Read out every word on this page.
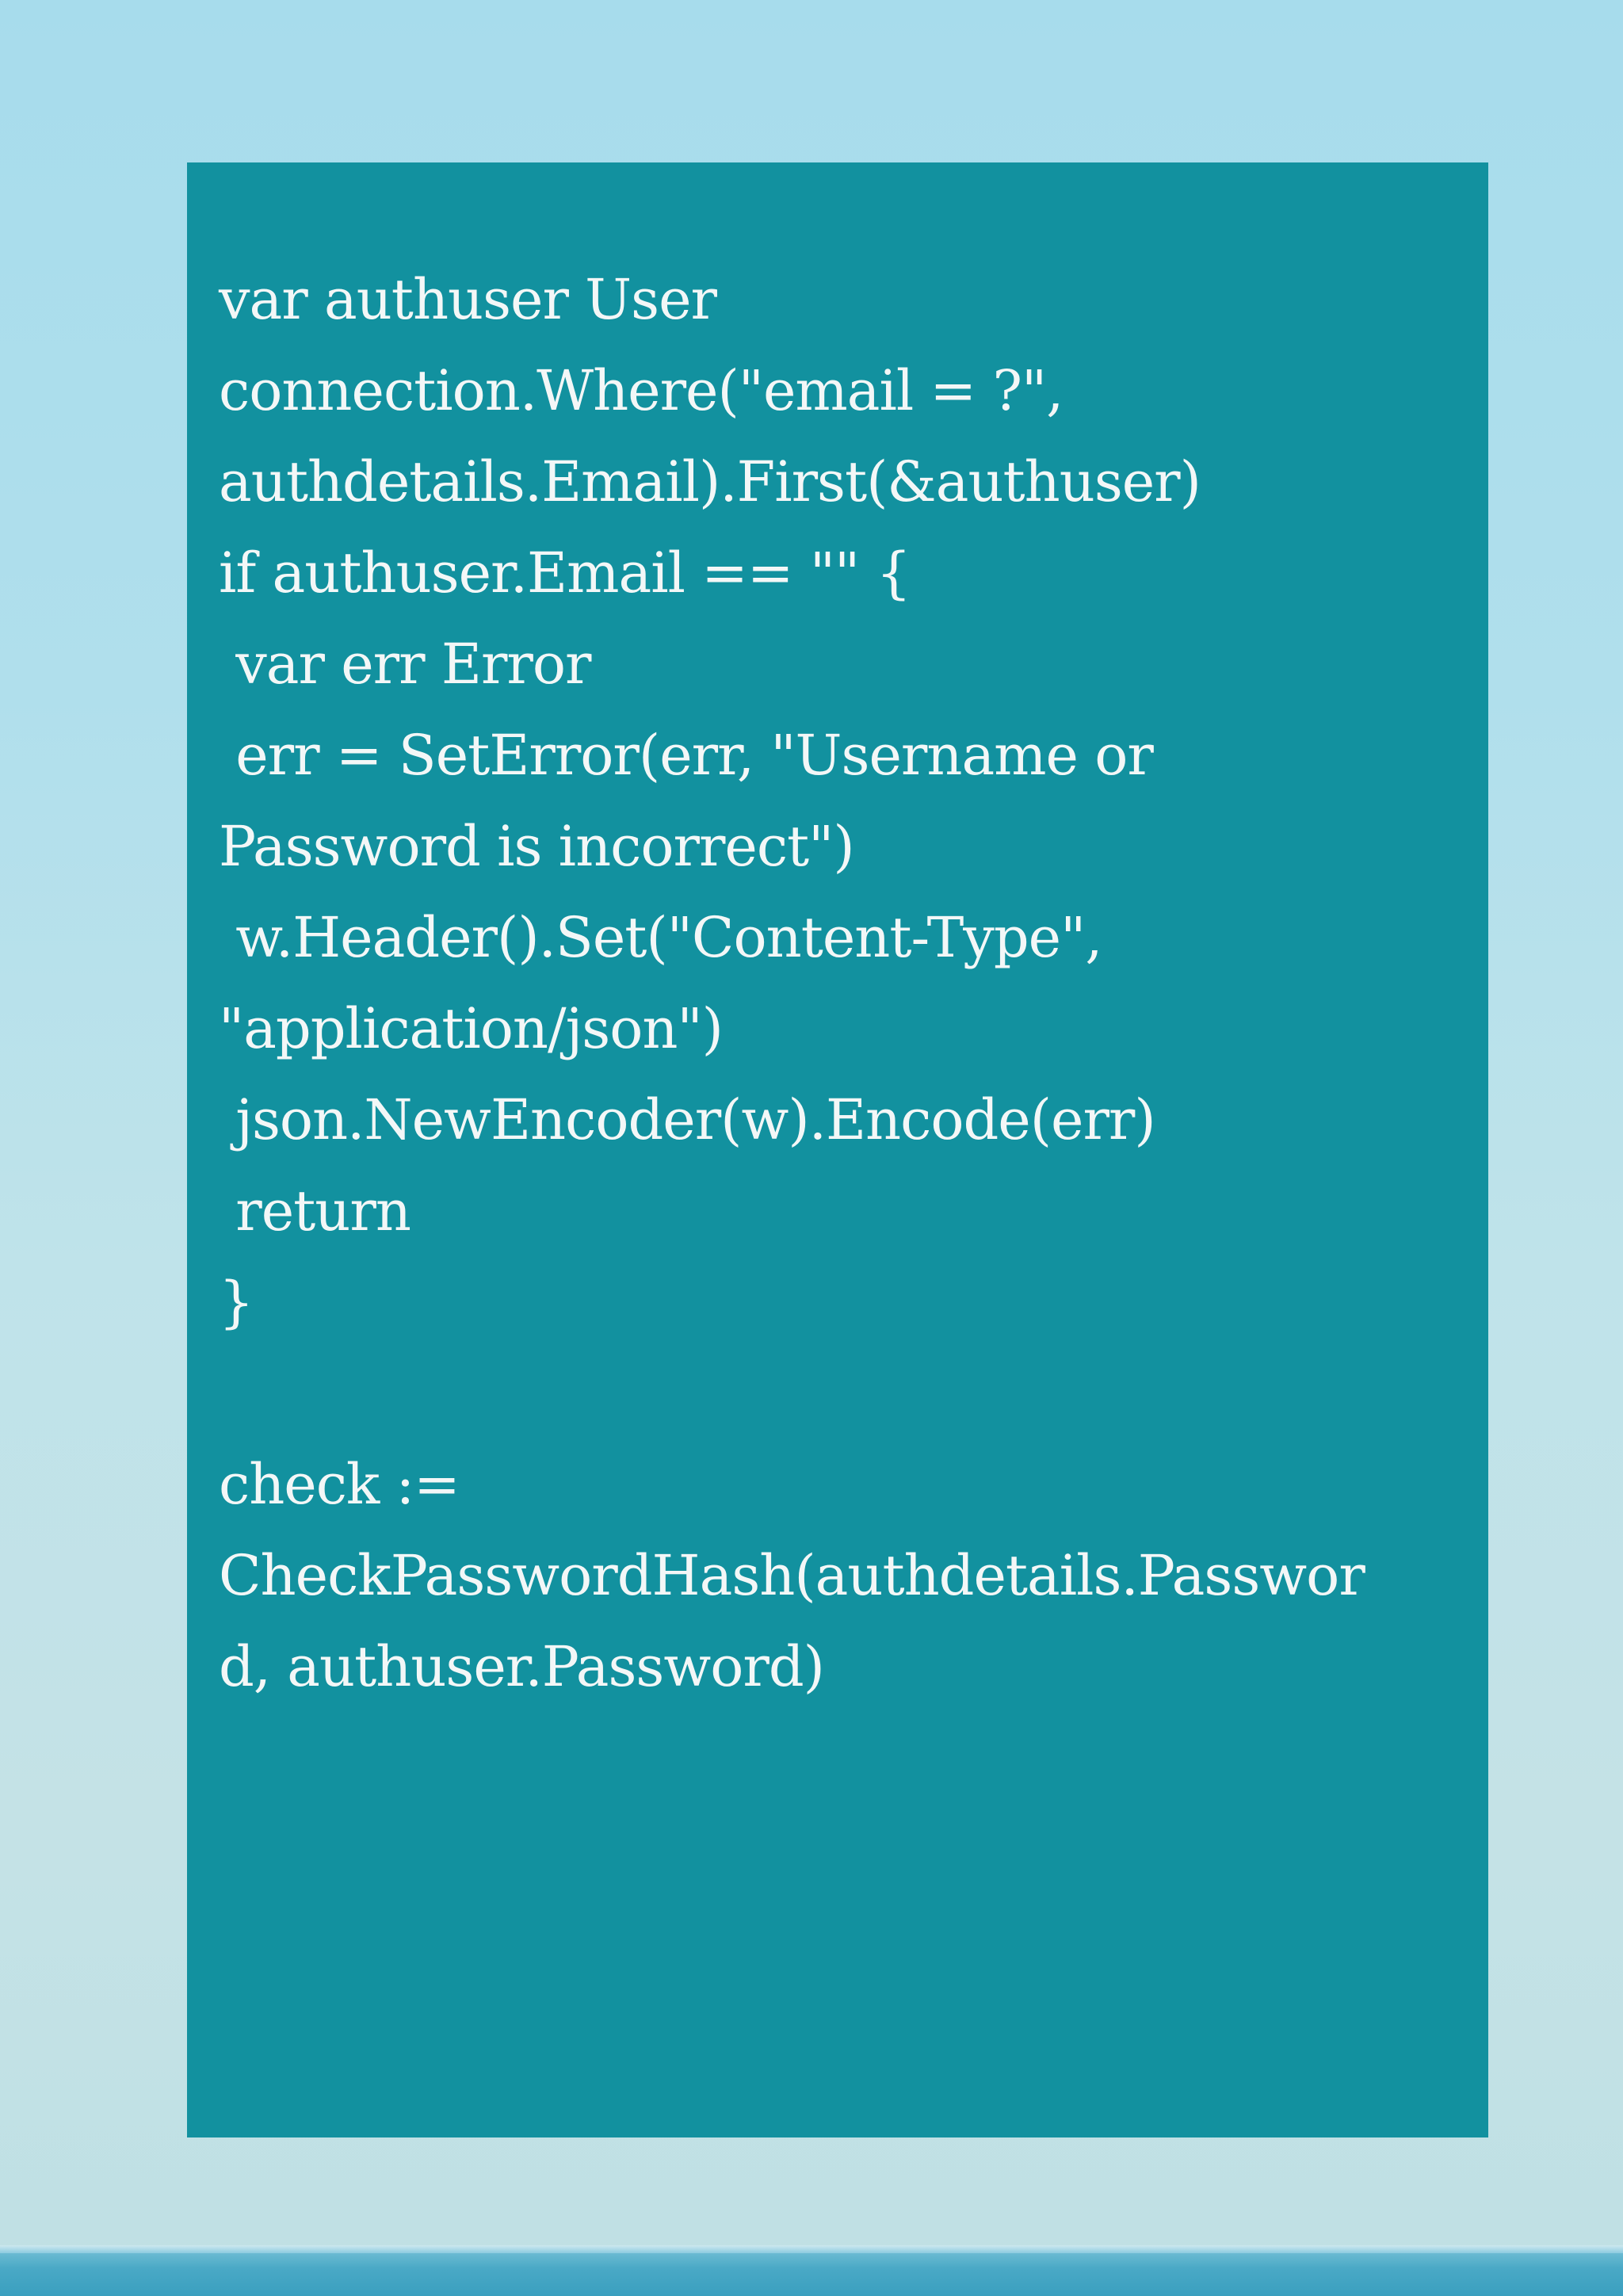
var authuser User
connection.Where("email = ?",
authdetails.Email).First(&authuser)
if authuser.Email == "" {
var err Error
err = SetError(err, "Username or
Password is incorrect")
w.Header().Set("Content-Type",
"application/json")
json.NewEncoder(w).Encode(err)
return
}
check :=
CheckPasswordHash(authdetails.Passwor
d, authuser.Password)
